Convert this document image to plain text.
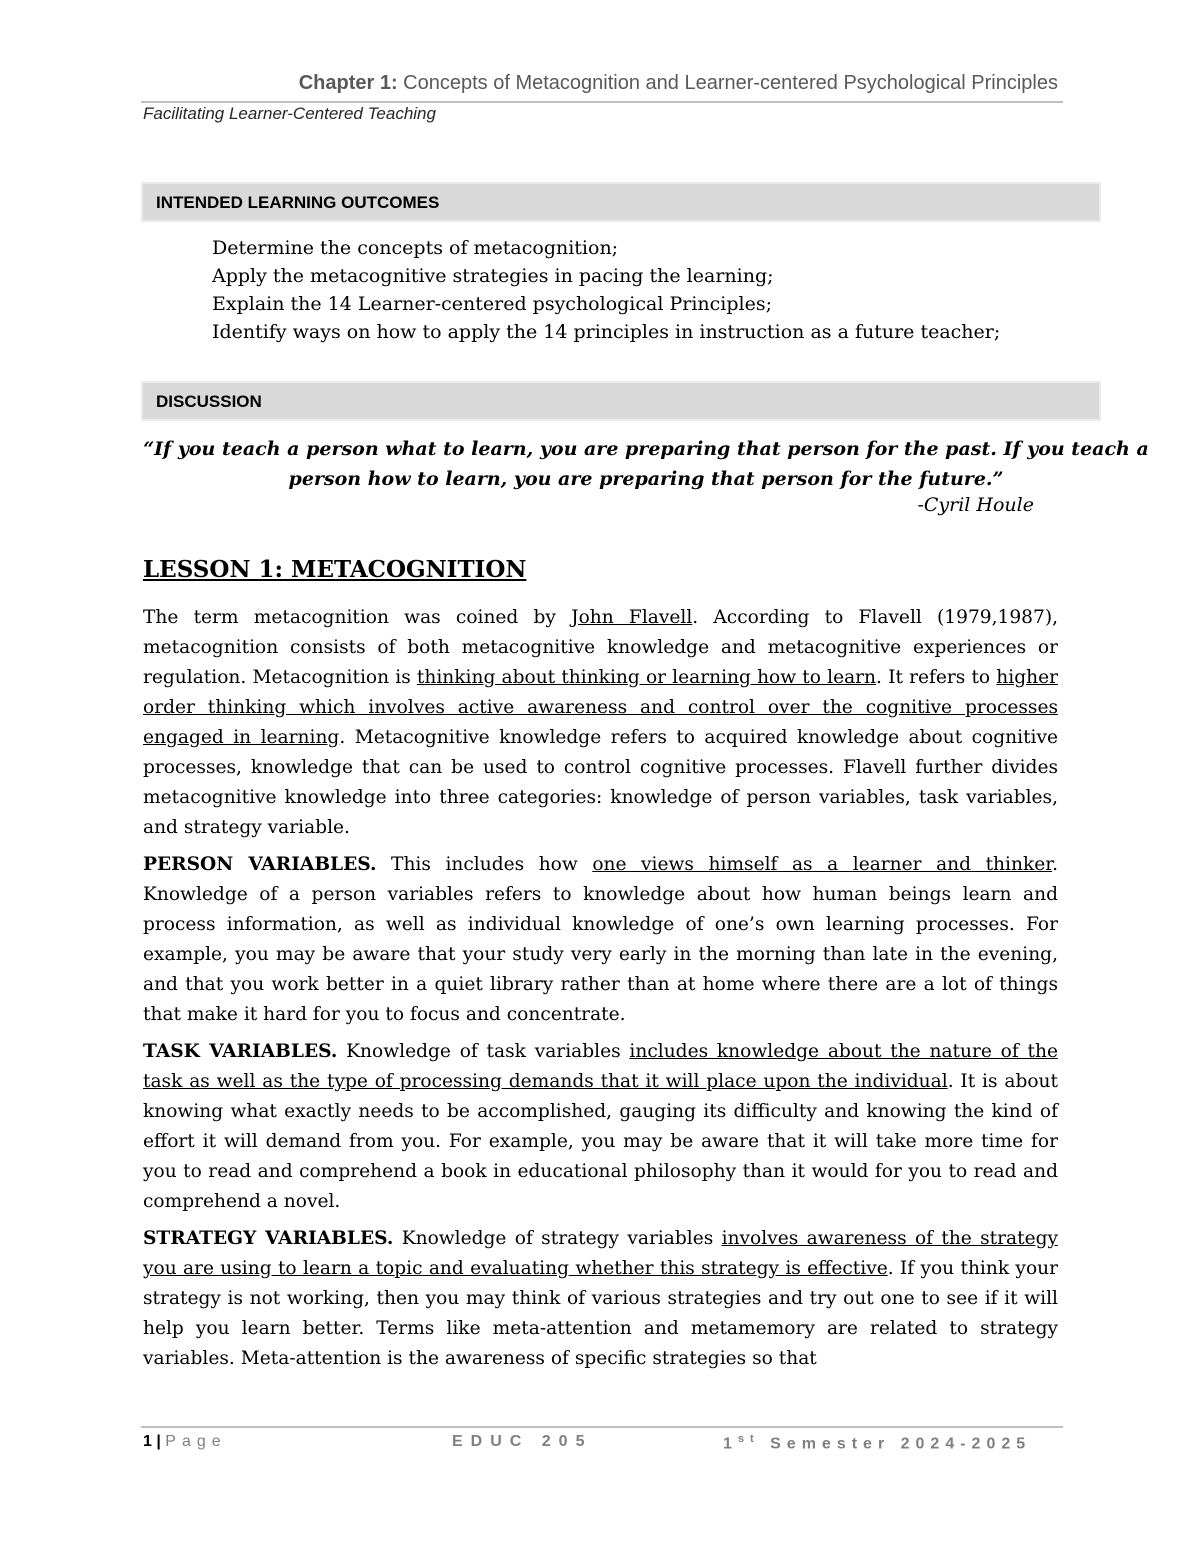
Chapter 1: Concepts of Metacognition and Learner-centered Psychological Principles
Facilitating Learner-Centered Teaching
INTENDED LEARNING OUTCOMES
Determine the concepts of metacognition;
Apply the metacognitive strategies in pacing the learning;
Explain the 14 Learner-centered psychological Principles;
Identify ways on how to apply the 14 principles in instruction as a future teacher;
DISCUSSION
“If you teach a person what to learn, you are preparing that person for the past. If you teach a person how to learn, you are preparing that person for the future.”
-Cyril Houle
LESSON 1: METACOGNITION

The term metacognition was coined by John Flavell. According to Flavell (1979,1987), metacognition consists of both metacognitive knowledge and metacognitive experiences or regulation. Metacognition is thinking about thinking or learning how to learn. It refers to higher order thinking which involves active awareness and control over the cognitive processes engaged in learning. Metacognitive knowledge refers to acquired knowledge about cognitive processes, knowledge that can be used to control cognitive processes. Flavell further divides metacognitive knowledge into three categories: knowledge of person variables, task variables, and strategy variable.

PERSON VARIABLES. This includes how one views himself as a learner and thinker. Knowledge of a person variables refers to knowledge about how human beings learn and process information, as well as individual knowledge of one’s own learning processes. For example, you may be aware that your study very early in the morning than late in the evening, and that you work better in a quiet library rather than at home where there are a lot of things that make it hard for you to focus and concentrate.

TASK VARIABLES. Knowledge of task variables includes knowledge about the nature of the task as well as the type of processing demands that it will place upon the individual. It is about knowing what exactly needs to be accomplished, gauging its difficulty and knowing the kind of effort it will demand from you. For example, you may be aware that it will take more time for you to read and comprehend a book in educational philosophy than it would for you to read and comprehend a novel.

STRATEGY VARIABLES. Knowledge of strategy variables involves awareness of the strategy you are using to learn a topic and evaluating whether this strategy is effective. If you think your strategy is not working, then you may think of various strategies and try out one to see if it will help you learn better. Terms like meta-attention and metamemory are related to strategy variables. Meta-attention is the awareness of specific strategies so that

1 | Page	EDUC 205	1st Semester 2024-2025
